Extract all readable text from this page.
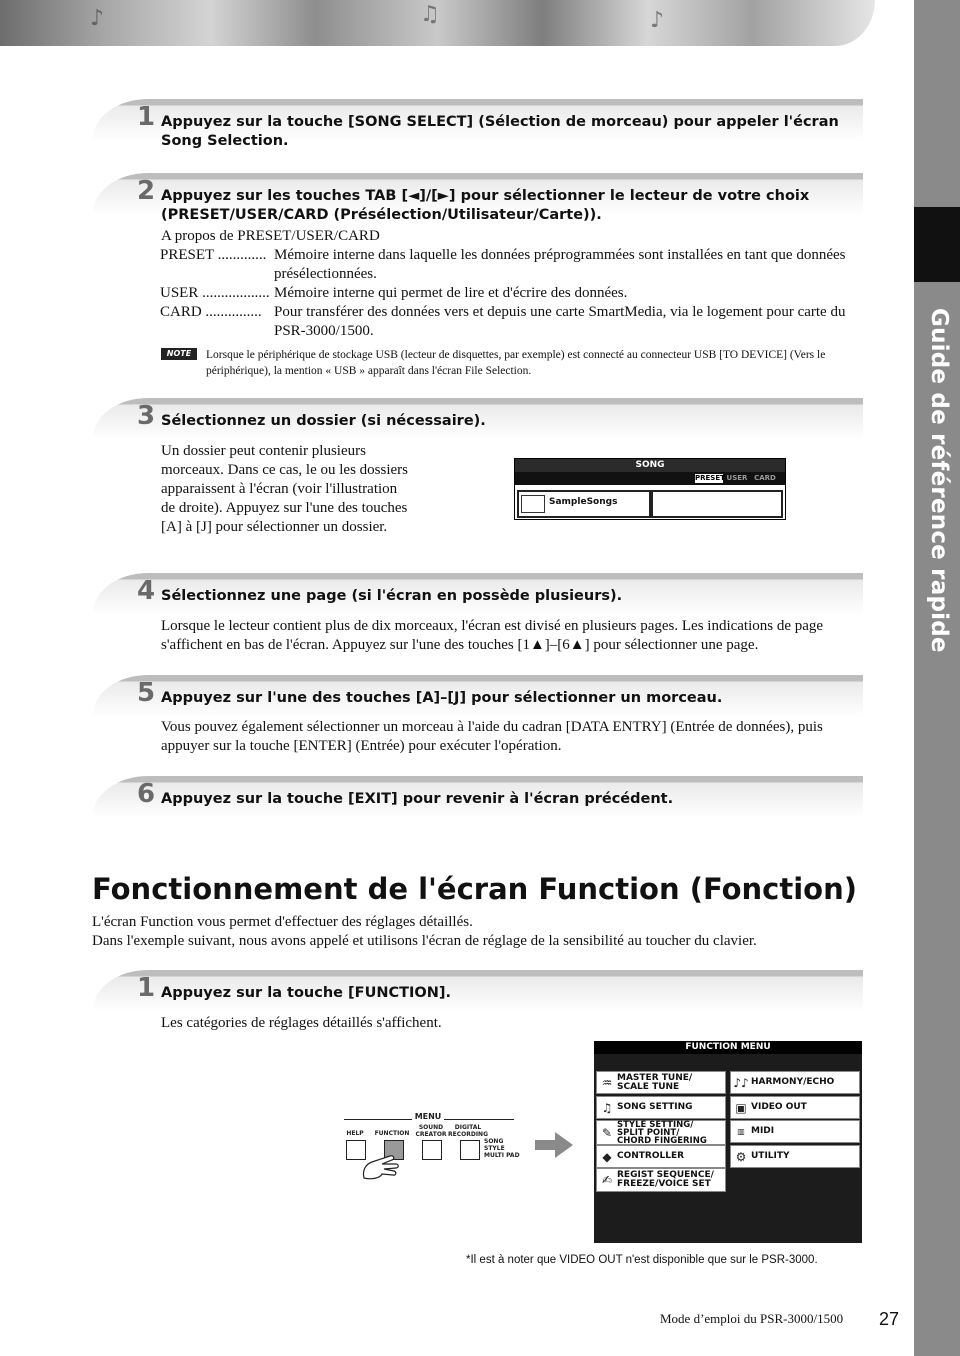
♪	♫	♪
Guide de référence rapide
1 Appuyez sur la touche [SONG SELECT] (Sélection de morceau) pour appeler l'écran Song Selection.
2 Appuyez sur les touches TAB [◄]/[►] pour sélectionner le lecteur de votre choix (PRESET/USER/CARD (Présélection/Utilisateur/Carte)).
A propos de PRESET/USER/CARD
PRESET ............. Mémoire interne dans laquelle les données préprogrammées sont installées en tant que données présélectionnées.
USER .................. Mémoire interne qui permet de lire et d'écrire des données.
CARD ............... Pour transférer des données vers et depuis une carte SmartMedia, via le logement pour carte du PSR-3000/1500.
NOTE	Lorsque le périphérique de stockage USB (lecteur de disquettes, par exemple) est connecté au connecteur USB [TO DEVICE] (Vers le périphérique), la mention « USB » apparaît dans l'écran File Selection.
3 Sélectionnez un dossier (si nécessaire).
Un dossier peut contenir plusieurs morceaux. Dans ce cas, le ou les dossiers apparaissent à l'écran (voir l'illustration de droite). Appuyez sur l'une des touches [A] à [J] pour sélectionner un dossier.
SONG
PRESET USER CARD
SampleSongs
4 Sélectionnez une page (si l'écran en possède plusieurs).
Lorsque le lecteur contient plus de dix morceaux, l'écran est divisé en plusieurs pages. Les indications de page s'affichent en bas de l'écran. Appuyez sur l'une des touches [1▲]–[6▲] pour sélectionner une page.
5 Appuyez sur l'une des touches [A]–[J] pour sélectionner un morceau.
Vous pouvez également sélectionner un morceau à l'aide du cadran [DATA ENTRY] (Entrée de données), puis appuyer sur la touche [ENTER] (Entrée) pour exécuter l'opération.
6 Appuyez sur la touche [EXIT] pour revenir à l'écran précédent.
Fonctionnement de l'écran Function (Fonction)
L'écran Function vous permet d'effectuer des réglages détaillés.
Dans l'exemple suivant, nous avons appelé et utilisons l'écran de réglage de la sensibilité au toucher du clavier.
1 Appuyez sur la touche [FUNCTION].
Les catégories de réglages détaillés s'affichent.
MENU
HELP	FUNCTION
SOUND
CREATOR
DIGITAL
RECORDING
SONG
STYLE
MULTI PAD
FUNCTION MENU
♒ MASTER TUNE/
SCALE TUNE
♫ SONG SETTING
✎
STYLE SETTING/
SPLIT POINT/
CHORD FINGERING
◆ CONTROLLER
✍ REGIST SEQUENCE/
FREEZE/VOICE SET
♪♪ HARMONY/ECHO
▣ VIDEO OUT
▥ MIDI
⚙ UTILITY
*Il est à noter que VIDEO OUT n'est disponible que sur le PSR-3000.
Mode d’emploi du PSR-3000/1500 27
